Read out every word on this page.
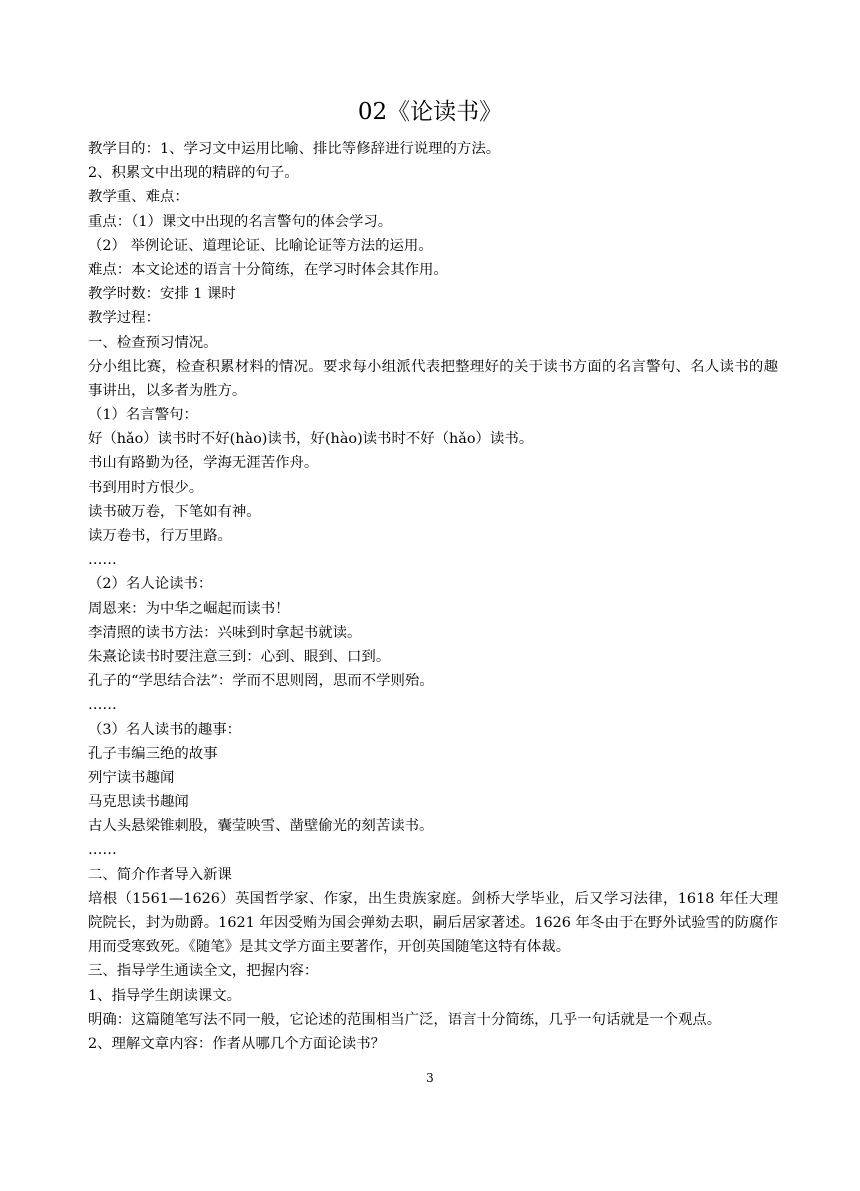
02《论读书》
教学目的：1、学习文中运用比喻、排比等修辞进行说理的方法。
2、积累文中出现的精辟的句子。
教学重、难点：
重点：（1）课文中出现的名言警句的体会学习。
（2） 举例论证、道理论证、比喻论证等方法的运用。
难点：本文论述的语言十分简练，在学习时体会其作用。
教学时数：安排 1 课时
教学过程：
一、检查预习情况。
分小组比赛，检查积累材料的情况。要求每小组派代表把整理好的关于读书方面的名言警句、名人读书的趣事讲出，以多者为胜方。
（1）名言警句：
好（hǎo）读书时不好(hào)读书，好(hào)读书时不好（hǎo）读书。
书山有路勤为径，学海无涯苦作舟。
书到用时方恨少。
读书破万卷，下笔如有神。
读万卷书，行万里路。
……
（2）名人论读书：
周恩来：为中华之崛起而读书！
李清照的读书方法：兴味到时拿起书就读。
朱熹论读书时要注意三到：心到、眼到、口到。
孔子的“学思结合法”：学而不思则罔，思而不学则殆。
……
（3）名人读书的趣事：
孔子韦编三绝的故事
列宁读书趣闻
马克思读书趣闻
古人头悬梁锥刺股，囊莹映雪、凿壁偷光的刻苦读书。
……
二、简介作者导入新课
培根（1561—1626）英国哲学家、作家，出生贵族家庭。剑桥大学毕业，后又学习法律，1618 年任大理院院长，封为勋爵。1621 年因受贿为国会弹劾去职，嗣后居家著述。1626 年冬由于在野外试验雪的防腐作用而受寒致死。《随笔》是其文学方面主要著作，开创英国随笔这特有体裁。
三、指导学生通读全文，把握内容：
1、指导学生朗读课文。
明确：这篇随笔写法不同一般，它论述的范围相当广泛，语言十分简练，几乎一句话就是一个观点。
2、理解文章内容：作者从哪几个方面论读书？
3
